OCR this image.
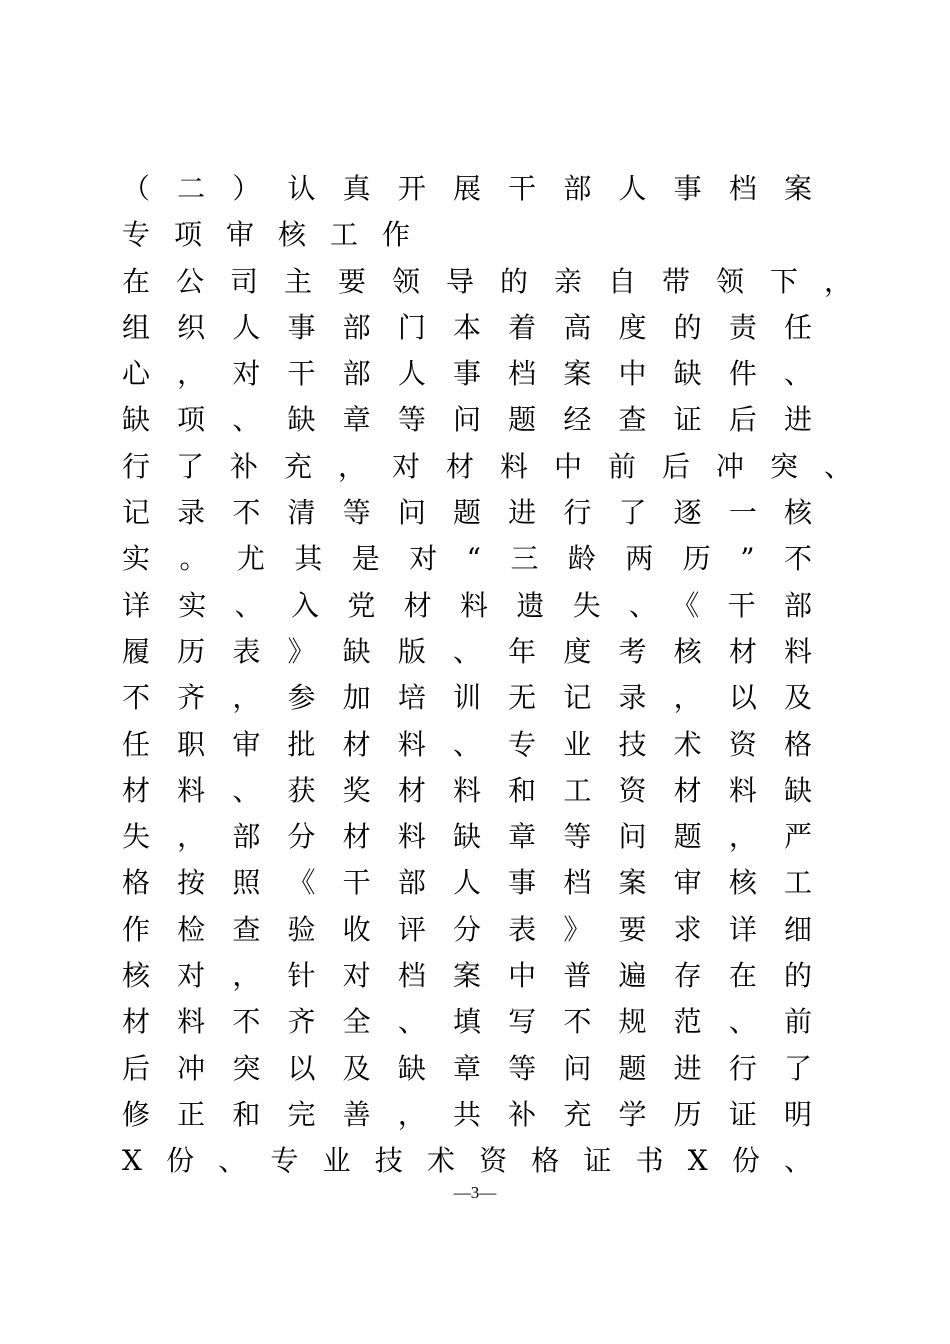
（二）认真开展干部人事档案
专项审核工作
在公司主要领导的亲自带领下，
组织人事部门本着高度的责任
心，对干部人事档案中缺件、
缺项、缺章等问题经查证后进
行了补充，对材料中前后冲突、
记录不清等问题进行了逐一核
实。尤其是对“三龄两历”不
详实、入党材料遗失、《干部
履历表》缺版、年度考核材料
不齐，参加培训无记录，以及
任职审批材料、专业技术资格
材料、获奖材料和工资材料缺
失，部分材料缺章等问题，严
格按照《干部人事档案审核工
作检查验收评分表》要求详细
核对，针对档案中普遍存在的
材料不齐全、填写不规范、前
后冲突以及缺章等问题进行了
修正和完善，共补充学历证明
X份、专业技术资格证书X份、
—3—
